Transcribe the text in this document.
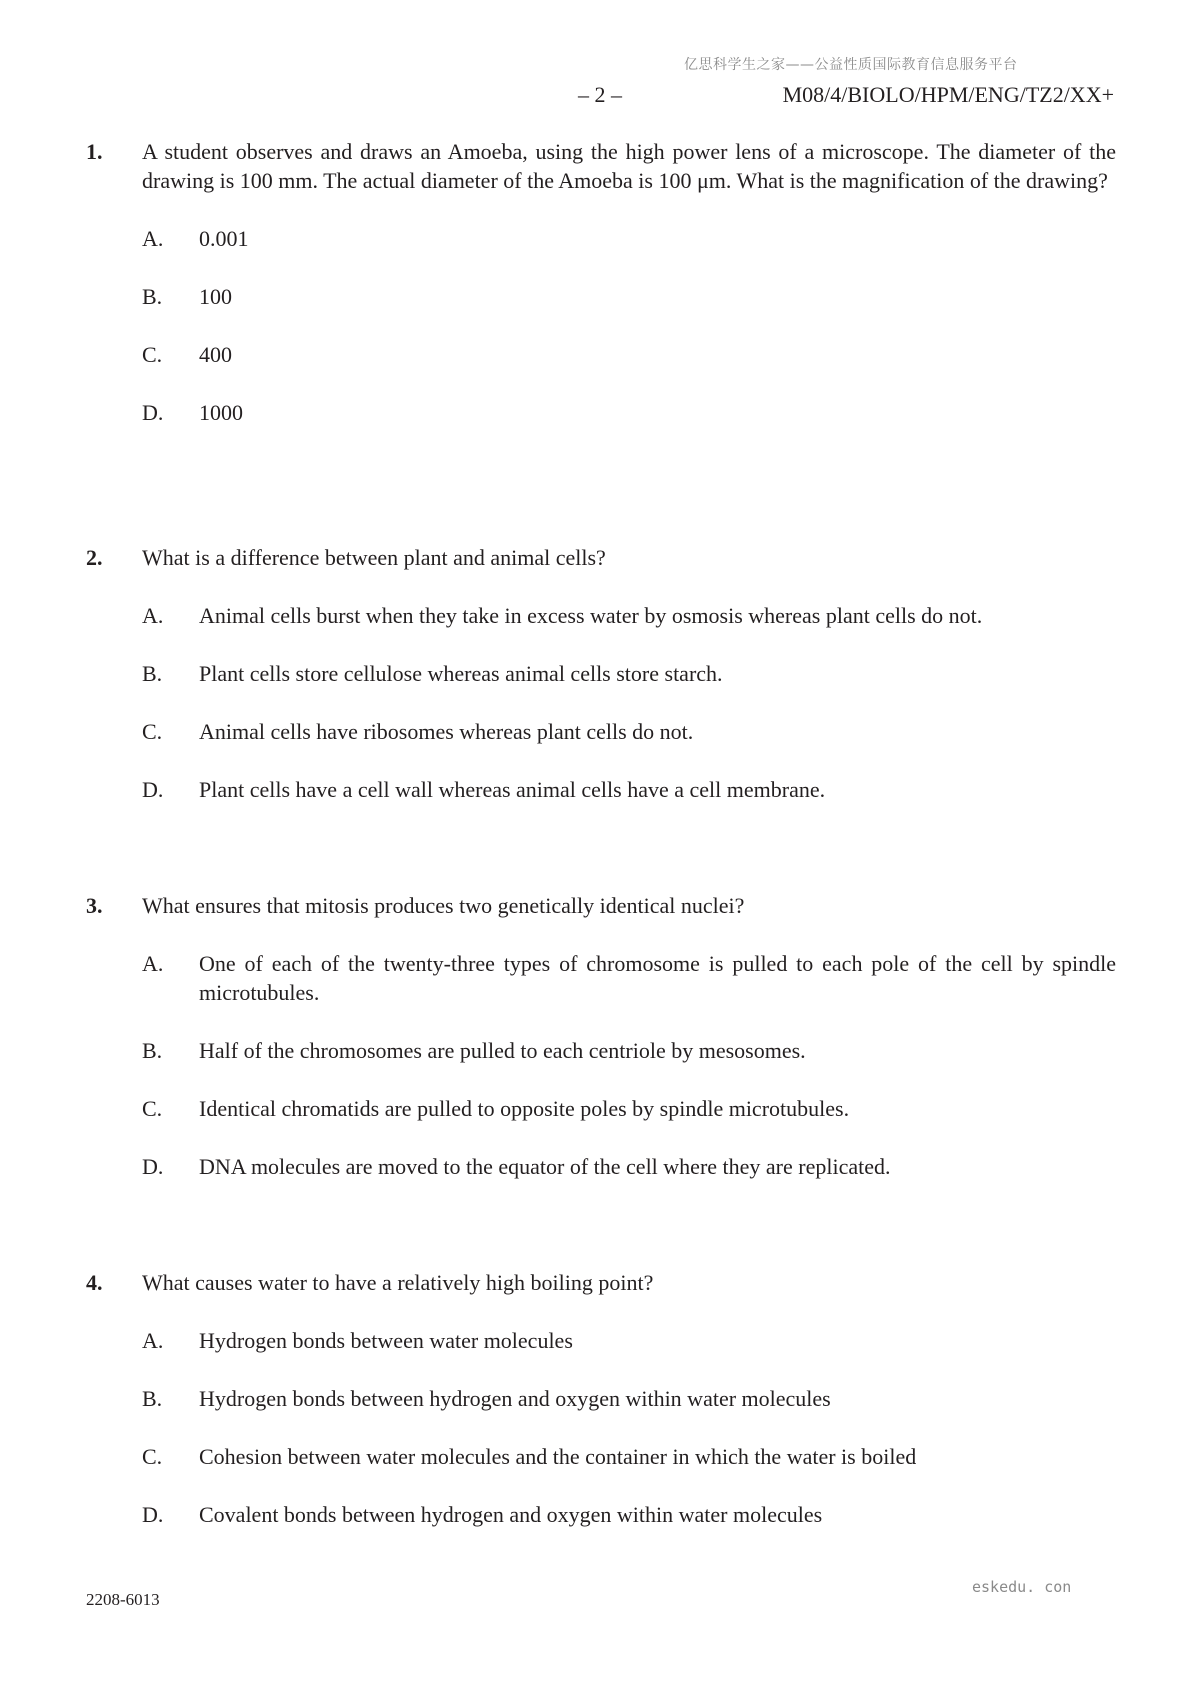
亿思科学生之家——公益性质国际教育信息服务平台
– 2 –	M08/4/BIOLO/HPM/ENG/TZ2/XX+
1.	A student observes and draws an Amoeba, using the high power lens of a microscope. The diameter of the drawing is 100 mm. The actual diameter of the Amoeba is 100 μm. What is the magnification of the drawing?
A.	0.001
B.	100
C.	400
D.	1000
2.	What is a difference between plant and animal cells?
A.	Animal cells burst when they take in excess water by osmosis whereas plant cells do not.
B.	Plant cells store cellulose whereas animal cells store starch.
C.	Animal cells have ribosomes whereas plant cells do not.
D.	Plant cells have a cell wall whereas animal cells have a cell membrane.
3.	What ensures that mitosis produces two genetically identical nuclei?
A.	One of each of the twenty-three types of chromosome is pulled to each pole of the cell by spindle microtubules.
B.	Half of the chromosomes are pulled to each centriole by mesosomes.
C.	Identical chromatids are pulled to opposite poles by spindle microtubules.
D.	DNA molecules are moved to the equator of the cell where they are replicated.
4.	What causes water to have a relatively high boiling point?
A.	Hydrogen bonds between water molecules
B.	Hydrogen bonds between hydrogen and oxygen within water molecules
C.	Cohesion between water molecules and the container in which the water is boiled
D.	Covalent bonds between hydrogen and oxygen within water molecules
2208-6013
eskedu. con
